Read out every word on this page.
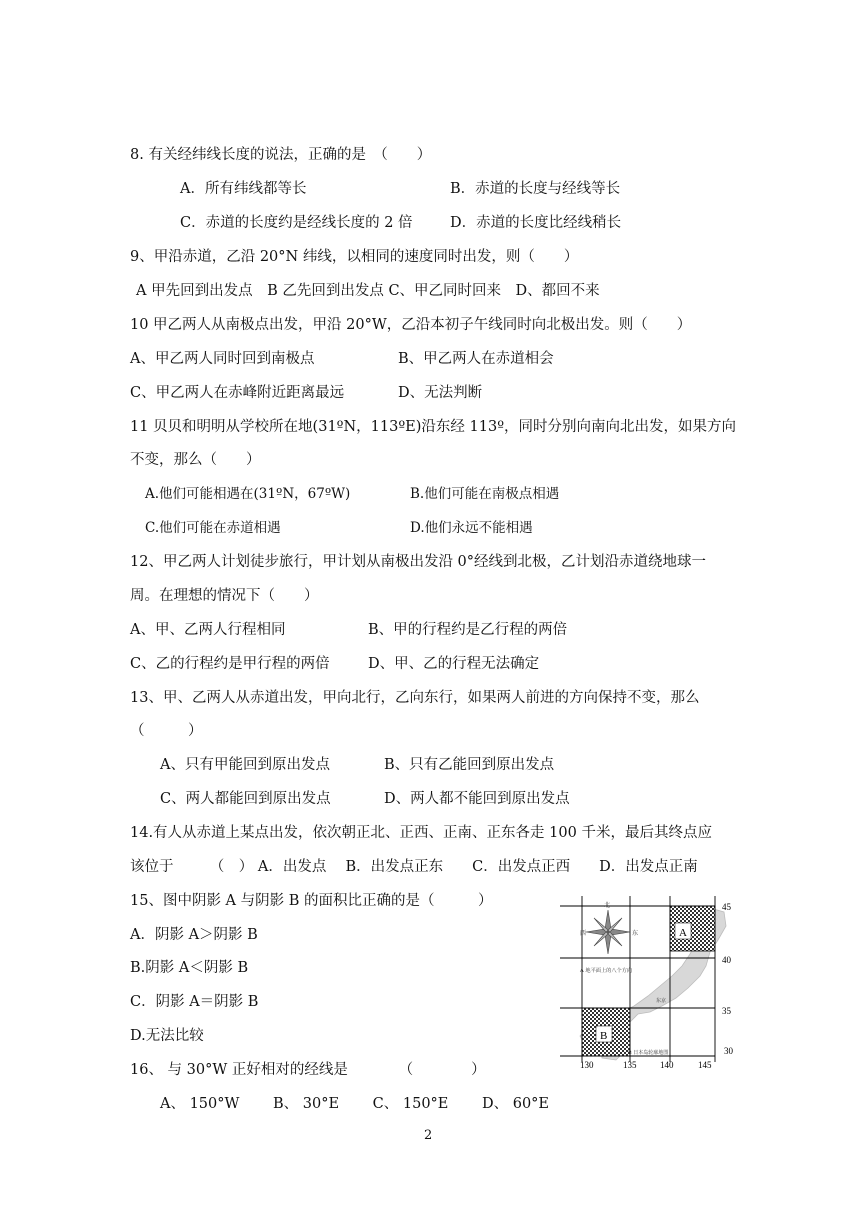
8. 有关经纬线长度的说法，正确的是　（　　）
A．所有纬线都等长	B．赤道的长度与经线等长
C．赤道的长度约是经线长度的 2 倍	D．赤道的长度比经线稍长
9、甲沿赤道，乙沿 20°N 纬线，以相同的速度同时出发，则（　　）
A 甲先回到出发点　B 乙先回到出发点 C、甲乙同时回来　D、都回不来
10 甲乙两人从南极点出发，甲沿 20°W，乙沿本初子午线同时向北极出发。则（　　）
A、甲乙两人同时回到南极点	B、甲乙两人在赤道相会
C、甲乙两人在赤峰附近距离最远	D、无法判断
11 贝贝和明明从学校所在地(31ºN，113ºE)沿东经 113º，同时分别向南向北出发，如果方向
不变，那么（　　）
A.他们可能相遇在(31ºN，67ºW)	B.他们可能在南极点相遇
C.他们可能在赤道相遇	D.他们永远不能相遇
12、甲乙两人计划徒步旅行，甲计划从南极出发沿 0°经线到北极，乙计划沿赤道绕地球一
周。在理想的情况下（　　）
A、甲、乙两人行程相同	B、甲的行程约是乙行程的两倍
C、乙的行程约是甲行程的两倍	D、甲、乙的行程无法确定
13、甲、乙两人从赤道出发，甲向北行，乙向东行，如果两人前进的方向保持不变，那么
（　　　）
A、只有甲能回到原出发点	B、只有乙能回到原出发点
C、两人都能回到原出发点	D、两人都不能回到原出发点
14.有人从赤道上某点出发，依次朝正北、正西、正南、正东各走 100 千米，最后其终点应
该位于　　　（　） A．出发点　 B．出发点正东　　C．出发点正西　　D．出发点正南
15、图中阴影 A 与阴影 B 的面积比正确的是（　　　）
A．阴影 A＞阴影 B
B.阴影 A＜阴影 B
C．阴影 A＝阴影 B
D.无法比较
16、 与 30°W 正好相对的经线是　　　　（　　　　）
A、 150°W　　 B、 30°E　　 C、 150°E　　 D、 60°E
A
B
北
西	东
A 地平面上的八个方向
B 日本岛轮廓地图
东京
45
40
35
30
130	135	140	145
2
